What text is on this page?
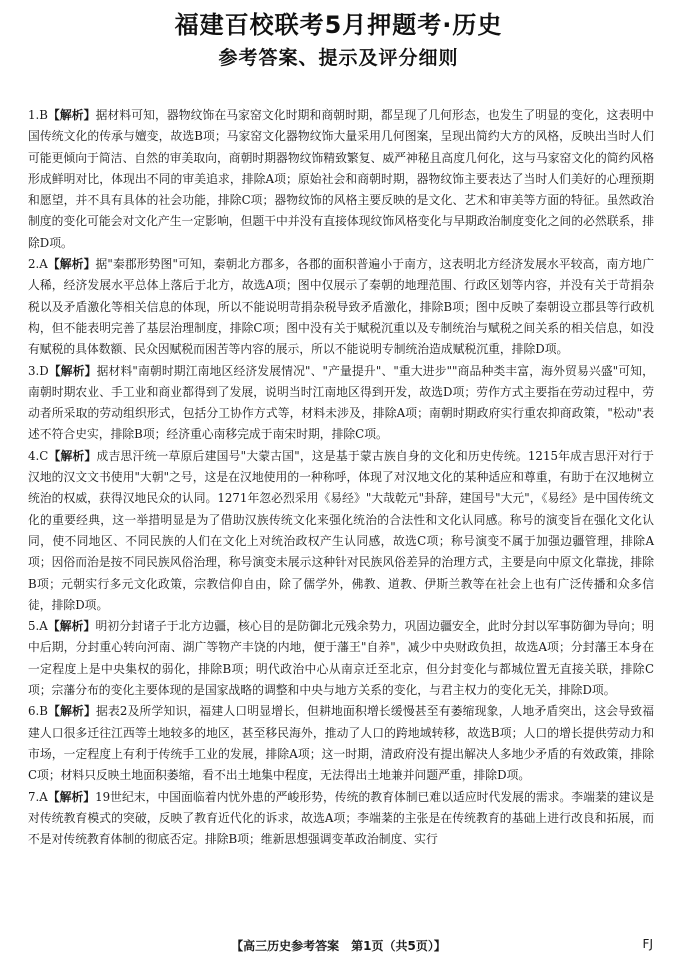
福建百校联考5月押题考·历史
参考答案、提示及评分细则

1.B【解析】据材料可知，器物纹饰在马家窑文化时期和商朝时期，都呈现了几何形态，也发生了明显的变化，这表明中国传统文化的传承与嬗变，故选B项；马家窑文化器物纹饰大量采用几何图案，呈现出简约大方的风格，反映出当时人们可能更倾向于简洁、自然的审美取向，商朝时期器物纹饰精致繁复、威严神秘且高度几何化，这与马家窑文化的简约风格形成鲜明对比，体现出不同的审美追求，排除A项；原始社会和商朝时期，器物纹饰主要表达了当时人们美好的心理预期和愿望，并不具有具体的社会功能，排除C项；器物纹饰的风格主要反映的是文化、艺术和审美等方面的特征。虽然政治制度的变化可能会对文化产生一定影响，但题干中并没有直接体现纹饰风格变化与早期政治制度变化之间的必然联系，排除D项。

2.A【解析】据"秦郡形势图"可知，秦朝北方郡多，各郡的面积普遍小于南方，这表明北方经济发展水平较高，南方地广人稀，经济发展水平总体上落后于北方，故选A项；图中仅展示了秦朝的地理范围、行政区划等内容，并没有关于苛捐杂税以及矛盾激化等相关信息的体现，所以不能说明苛捐杂税导致矛盾激化，排除B项；图中反映了秦朝设立郡县等行政机构，但不能表明完善了基层治理制度，排除C项；图中没有关于赋税沉重以及专制统治与赋税之间关系的相关信息，如没有赋税的具体数额、民众因赋税而困苦等内容的展示，所以不能说明专制统治造成赋税沉重，排除D项。

3.D【解析】据材料"南朝时期江南地区经济发展情况"、"产量提升"、"重大进步""商品种类丰富，海外贸易兴盛"可知，南朝时期农业、手工业和商业都得到了发展，说明当时江南地区得到开发，故选D项；劳作方式主要指在劳动过程中，劳动者所采取的劳动组织形式，包括分工协作方式等，材料未涉及，排除A项；南朝时期政府实行重农抑商政策，"松动"表述不符合史实，排除B项；经济重心南移完成于南宋时期，排除C项。

4.C【解析】成吉思汗统一草原后建国号"大蒙古国"，这是基于蒙古族自身的文化和历史传统。1215年成吉思汗对行于汉地的汉文文书使用"大朝"之号，这是在汉地使用的一种称呼，体现了对汉地文化的某种适应和尊重，有助于在汉地树立统治的权威，获得汉地民众的认同。1271年忽必烈采用《易经》"大哉乾元"卦辞，建国号"大元"，《易经》是中国传统文化的重要经典，这一举措明显是为了借助汉族传统文化来强化统治的合法性和文化认同感。称号的演变旨在强化文化认同，使不同地区、不同民族的人们在文化上对统治政权产生认同感，故选C项；称号演变不属于加强边疆管理，排除A项；因俗而治是按不同民族风俗治理，称号演变未展示这种针对民族风俗差异的治理方式，主要是向中原文化靠拢，排除B项；元朝实行多元文化政策，宗教信仰自由，除了儒学外，佛教、道教、伊斯兰教等在社会上也有广泛传播和众多信徒，排除D项。

5.A【解析】明初分封诸子于北方边疆，核心目的是防御北元残余势力，巩固边疆安全，此时分封以军事防御为导向；明中后期，分封重心转向河南、湖广等物产丰饶的内地，便于藩王"自养"，减少中央财政负担，故选A项；分封藩王本身在一定程度上是中央集权的弱化，排除B项；明代政治中心从南京迁至北京，但分封变化与都城位置无直接关联，排除C项；宗藩分布的变化主要体现的是国家战略的调整和中央与地方关系的变化，与君主权力的变化无关，排除D项。

6.B【解析】据表2及所学知识，福建人口明显增长，但耕地面积增长缓慢甚至有萎缩现象，人地矛盾突出，这会导致福建人口很多迁往江西等土地较多的地区，甚至移民海外，推动了人口的跨地域转移，故选B项；人口的增长提供劳动力和市场，一定程度上有利于传统手工业的发展，排除A项；这一时期，清政府没有提出解决人多地少矛盾的有效政策，排除C项；材料只反映土地面积萎缩，看不出土地集中程度，无法得出土地兼并问题严重，排除D项。

7.A【解析】19世纪末，中国面临着内忧外患的严峻形势，传统的教育体制已难以适应时代发展的需求。李端棻的建议是对传统教育模式的突破，反映了教育近代化的诉求，故选A项；李端棻的主张是在传统教育的基础上进行改良和拓展，而不是对传统教育体制的彻底否定。排除B项；维新思想强调变革政治制度、实行

【高三历史参考答案　第1页（共5页）】	FJ
